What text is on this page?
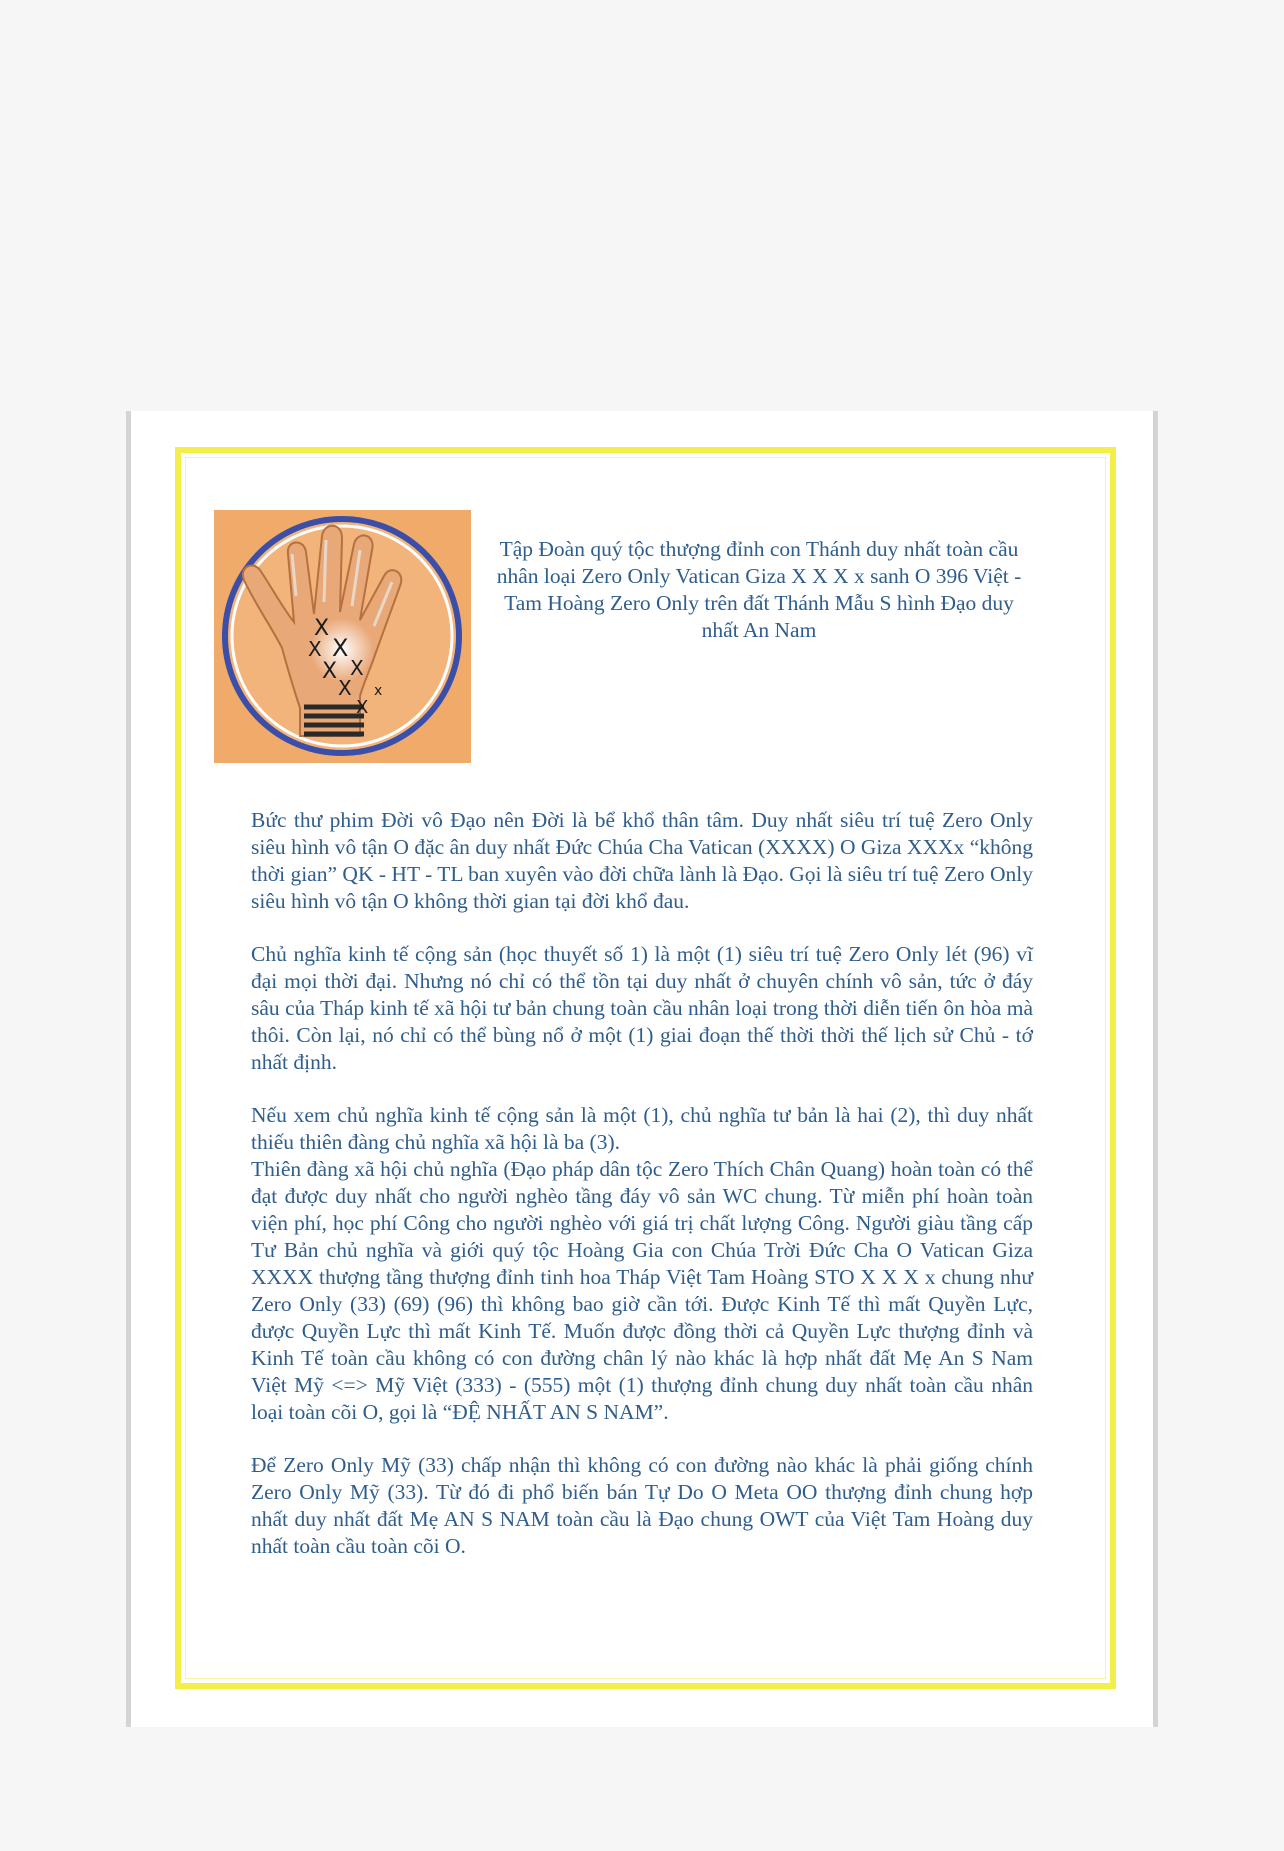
X
X X
X X
X
X
x
Tập Đoàn quý tộc thượng đỉnh con Thánh duy nhất toàn cầu nhân loại Zero Only Vatican Giza X X X x sanh O 396 Việt - Tam Hoàng Zero Only trên đất Thánh Mẫu S hình Đạo duy nhất An Nam

Bức thư phim Đời vô Đạo nên Đời là bể khổ thân tâm. Duy nhất siêu trí tuệ Zero Only siêu hình vô tận O đặc ân duy nhất Đức Chúa Cha Vatican (XXXX) O Giza XXXx “không thời gian” QK - HT - TL ban xuyên vào đời chữa lành là Đạo. Gọi là siêu trí tuệ Zero Only siêu hình vô tận O không thời gian tại đời khổ đau.

Chủ nghĩa kinh tế cộng sản (học thuyết số 1) là một (1) siêu trí tuệ Zero Only lét (96) vĩ đại mọi thời đại. Nhưng nó chỉ có thể tồn tại duy nhất ở chuyên chính vô sản, tức ở đáy sâu của Tháp kinh tế xã hội tư bản chung toàn cầu nhân loại trong thời diễn tiến ôn hòa mà thôi. Còn lại, nó chỉ có thể bùng nổ ở một (1) giai đoạn thế thời thời thế lịch sử Chủ - tớ nhất định.

Nếu xem chủ nghĩa kinh tế cộng sản là một (1), chủ nghĩa tư bản là hai (2), thì duy nhất thiếu thiên đàng chủ nghĩa xã hội là ba (3).

Thiên đàng xã hội chủ nghĩa (Đạo pháp dân tộc Zero Thích Chân Quang) hoàn toàn có thể đạt được duy nhất cho người nghèo tầng đáy vô sản WC chung. Từ miễn phí hoàn toàn viện phí, học phí Công cho người nghèo với giá trị chất lượng Công. Người giàu tầng cấp Tư Bản chủ nghĩa và giới quý tộc Hoàng Gia con Chúa Trời Đức Cha O Vatican Giza XXXX thượng tầng thượng đỉnh tinh hoa Tháp Việt Tam Hoàng STO X X X x chung như Zero Only (33) (69) (96) thì không bao giờ cần tới. Được Kinh Tế thì mất Quyền Lực, được Quyền Lực thì mất Kinh Tế. Muốn được đồng thời cả Quyền Lực thượng đỉnh và Kinh Tế toàn cầu không có con đường chân lý nào khác là hợp nhất đất Mẹ An S Nam Việt Mỹ <=> Mỹ Việt (333) - (555) một (1) thượng đỉnh chung duy nhất toàn cầu nhân loại toàn cõi O, gọi là “ĐỆ NHẤT AN S NAM”.

Để Zero Only Mỹ (33) chấp nhận thì không có con đường nào khác là phải giống chính Zero Only Mỹ (33). Từ đó đi phổ biến bán Tự Do O Meta OO thượng đỉnh chung hợp nhất duy nhất đất Mẹ AN S NAM toàn cầu là Đạo chung OWT của Việt Tam Hoàng duy nhất toàn cầu toàn cõi O.
